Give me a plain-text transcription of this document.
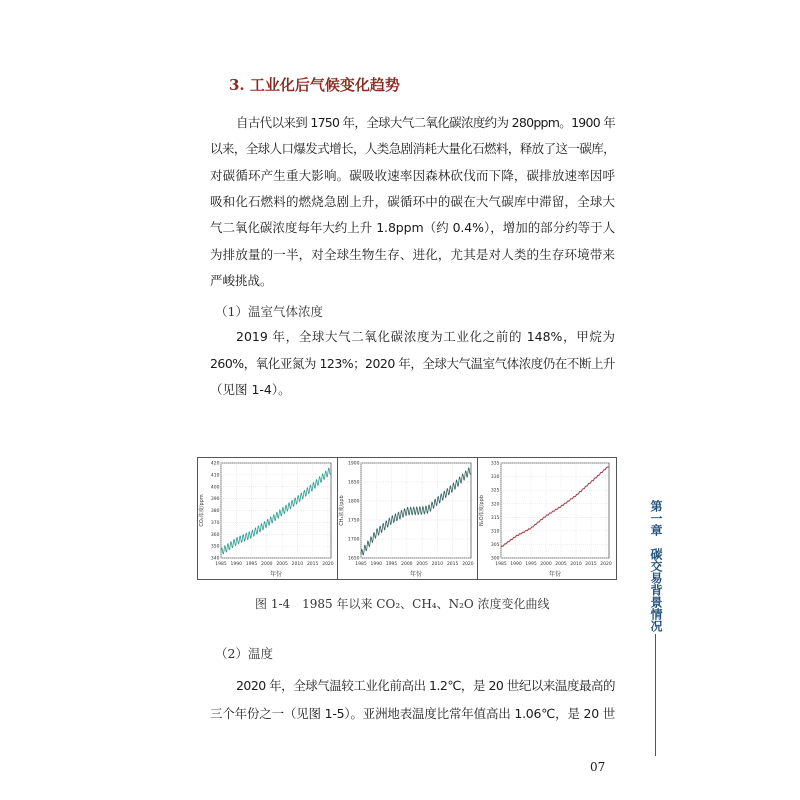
3. 工业化后气候变化趋势
自古代以来到 1750 年，全球大气二氧化碳浓度约为 280ppm。1900 年
以来，全球人口爆发式增长，人类急剧消耗大量化石燃料，释放了这一碳库，
对碳循环产生重大影响。碳吸收速率因森林砍伐而下降，碳排放速率因呼
吸和化石燃料的燃烧急剧上升，碳循环中的碳在大气碳库中滞留，全球大
气二氧化碳浓度每年大约上升 1.8ppm（约 0.4%），增加的部分约等于人
为排放量的一半，对全球生物生存、进化，尤其是对人类的生存环境带来
严峻挑战。
（1）温室气体浓度
2019 年，全球大气二氧化碳浓度为工业化之前的 148%，甲烷为
260%，氧化亚氮为 123%；2020 年，全球大气温室气体浓度仍在不断上升
（见图 1-4）。
340
350
360
370
380
390
400
410
420
1985 1990 1995 2000 2005 2010 2015 2020
年份
CO₂浓度/ppm
1650
1700
1750
1800
1850
1900
1985 1990 1995 2000 2005 2010 2015 2020
年份
CH₄浓度/ppb
300
305
310
315
320
325
330
335
1985 1990 1995 2000 2005 2010 2015 2020
年份
N₂O浓度/ppb
图 1-4　1985 年以来 CO₂、CH₄、N₂O 浓度变化曲线
（2）温度
2020 年，全球气温较工业化前高出 1.2℃，是 20 世纪以来温度最高的
三个年份之一（见图 1-5）。亚洲地表温度比常年值高出 1.06℃，是 20 世
第一章
碳交易背景情况
07
